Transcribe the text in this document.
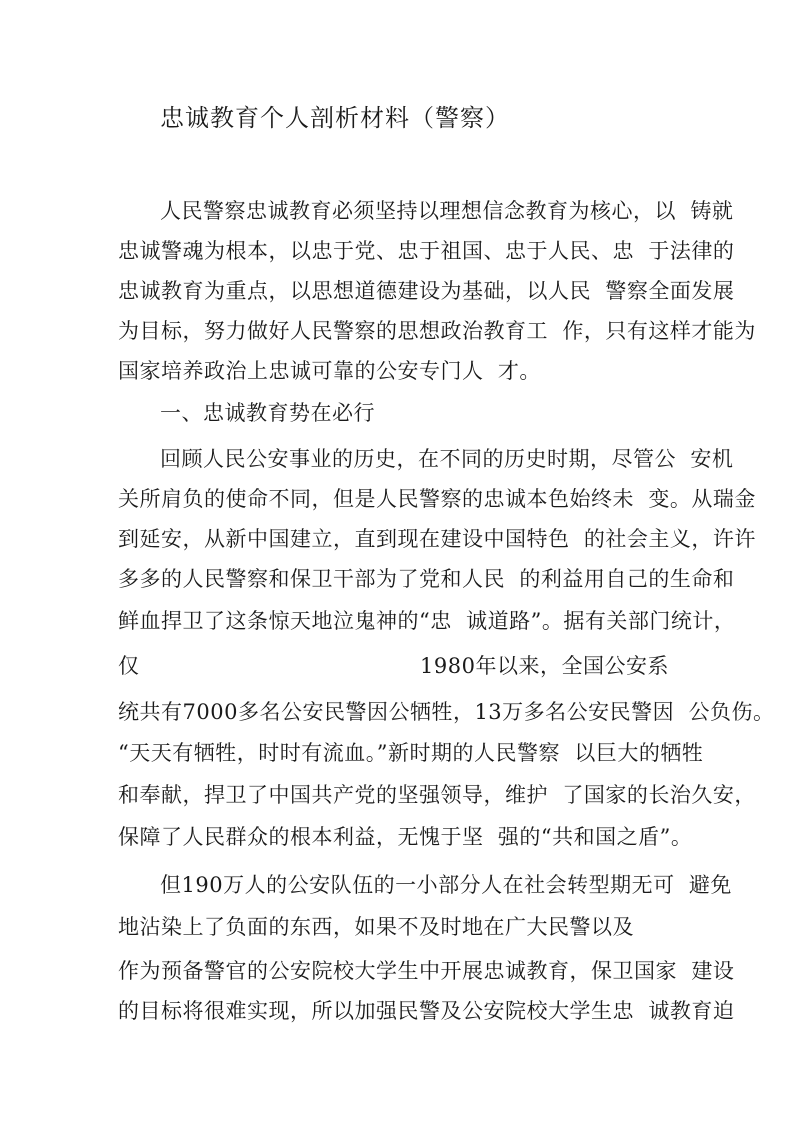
忠诚教育个人剖析材料（警察）
人民警察忠诚教育必须坚持以理想信念教育为核心，以  铸就
忠诚警魂为根本，以忠于党、忠于祖国、忠于人民、忠  于法律的
忠诚教育为重点，以思想道德建设为基础，以人民  警察全面发展
为目标，努力做好人民警察的思想政治教育工  作，只有这样才能为
国家培养政治上忠诚可靠的公安专门人  才。
一、忠诚教育势在必行
回顾人民公安事业的历史，在不同的历史时期，尽管公  安机
关所肩负的使命不同，但是人民警察的忠诚本色始终未  变。从瑞金
到延安，从新中国建立，直到现在建设中国特色  的社会主义，许许
多多的人民警察和保卫干部为了党和人民  的利益用自己的生命和
鲜血捍卫了这条惊天地泣鬼神的“忠  诚道路”。据有关部门统计，
仅	1980年以来，全国公安系
统共有7000多名公安民警因公牺牲，13万多名公安民警因  公负伤。
“天天有牺牲，时时有流血。”新时期的人民警察  以巨大的牺牲
和奉献，捍卫了中国共产党的坚强领导，维护  了国家的长治久安，
保障了人民群众的根本利益，无愧于坚  强的“共和国之盾”。
但190万人的公安队伍的一小部分人在社会转型期无可  避免
地沾染上了负面的东西，如果不及时地在广大民警以及
作为预备警官的公安院校大学生中开展忠诚教育，保卫国家  建设
的目标将很难实现，所以加强民警及公安院校大学生忠  诚教育迫
